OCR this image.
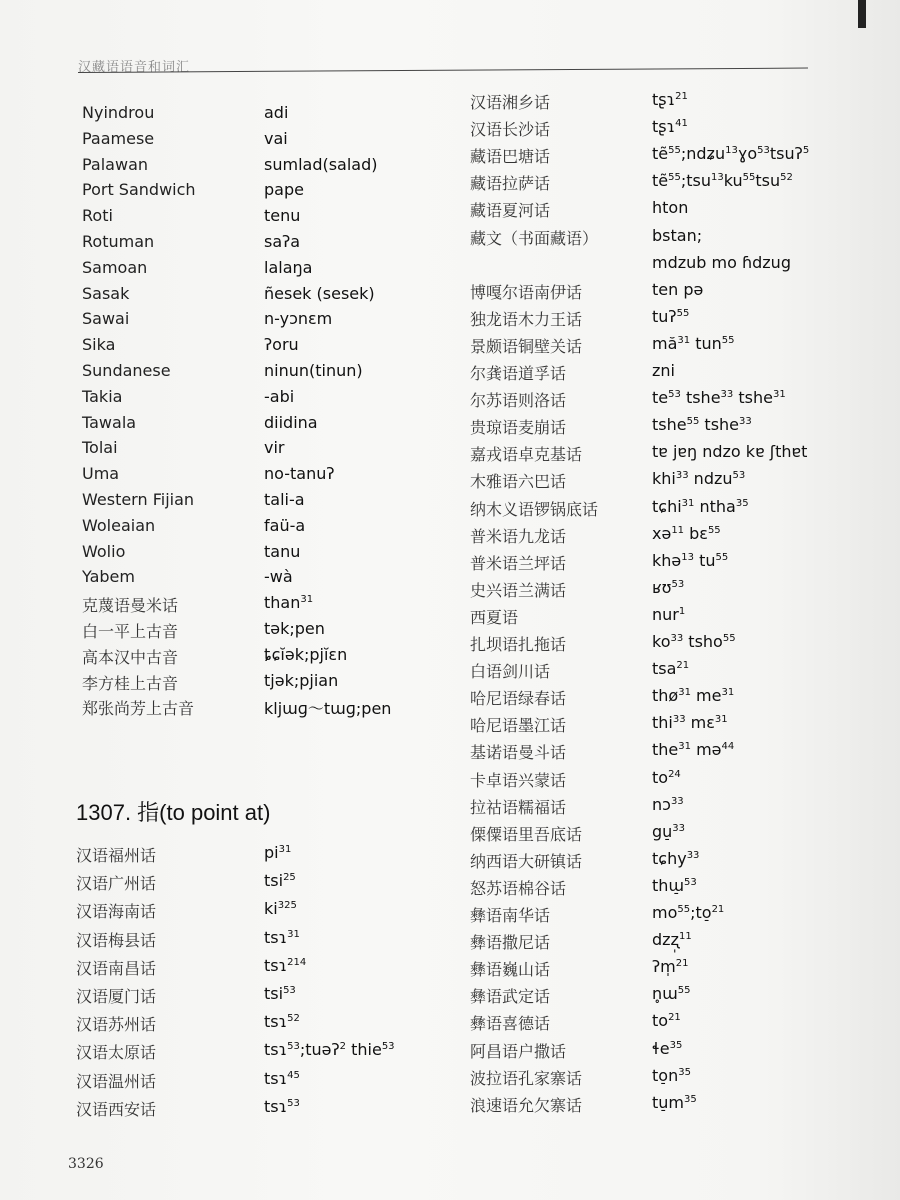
汉藏语语音和词汇
Nyindrou	adi
Paamese	vai
Palawan	sumlad(salad)
Port Sandwich	pape
Roti	tenu
Rotuman	saʔa
Samoan	lalaŋa
Sasak	ñesek (sesek)
Sawai	n-yɔnɛm
Sika	ʔoru
Sundanese	ninun(tinun)
Takia	-abi
Tawala	diidina
Tolai	vir
Uma	no-tanuʔ
Western Fijian	tali-a
Woleaian	faü-a
Wolio	tanu
Yabem	-wà
克蔑语曼米话	than$^{31}$
白一平上古音	tək;pen
高本汉中古音	ȶɕĭək;pjĭɛn
李方桂上古音	tjək;pjian
郑张尚芳上古音	kljɯɡ～tɯɡ;pen
1307. 指(to point at)
汉语福州话	$pi^{31}$
汉语广州话	tsi$^{25}$
汉语海南话	$ki^{325}$
汉语梅县话	tsɿ$^{31}$
汉语南昌话	tsɿ$^{214}$
汉语厦门话	tsi$^{53}$
汉语苏州话	tsɿ$^{52}$
汉语太原话	tsɿ$^{53}$;tuəʔ$^2$ thie$^{53}$
汉语温州话	tsɿ$^{45}$
汉语西安话	tsɿ$^{53}$
汉语湘乡话	tʂɿ$^{21}$
汉语长沙话	tʂɿ$^{41}$
藏语巴塘话	tẽ$^{55}$;ndʑu$^{13}$ɣo$^{53}$tsuʔ$^5$
藏语拉萨话	$tẽ^{55};tsu^{13}ku^{55}tsu^{52}$
藏语夏河话	hton
藏文（书面藏语）	bstan;
mdzub mo ɦdzug
博嘎尔语南伊话	ten pə
独龙语木力王话	tuʔ$^{55}$
景颇语铜壁关话	$mă^{31}$ tun$^{55}$
尔龚语道孚话	zni
尔苏语则洛话	$te^{53}$ tshe$^{33}$ tshe$^{31}$
贵琼语麦崩话	tshe$^{55}$ tshe$^{33}$
嘉戎语卓克基话	tɐ jɐŋ ndzo kɐ ʃthɐt
木雅语六巴话	khi$^{33}$ ndzu$^{53}$
纳木义语锣锅底话	tɕhi$^{31}$ ntha$^{35}$
普米语九龙话	xə$^{11}$ bɛ$^{55}$
普米语兰坪话	khə$^{13}$ $tu^{55}$
史兴语兰满话	ʁʊ$^{53}$
西夏语	nur$^1$
扎坝语扎拖话	$ko^{33}$ tsho$^{55}$
白语剑川话	tsa$^{21}$
哈尼语绿春话	thø$^{31}$ $me^{31}$
哈尼语墨江话	thi$^{33}$ mɛ$^{31}$
基诺语曼斗话	the$^{31}$ mə$^{44}$
卡卓语兴蒙话	$to^{24}$
拉祜语糯福话	nɔ$^{33}$
傈僳语里吾底话	gu̠$^{33}$
纳西语大研镇话	tɕhy$^{33}$
怒苏语棉谷话	thɯ̠$^{53}$
彝语南华话	$mo^{55};to̠^{21}$
彝语撒尼话	dzʐ̩$^{11}$
彝语巍山话	ʔm̩$^{21}$
彝语武定话	n̥ɯ$^{55}$
彝语喜德话	$to^{21}$
阿昌语户撒话	ɬe$^{35}$
波拉语孔家寨话	$to̠n^{35}$
浪速语允欠寨话	$tu̠m^{35}$
3326
